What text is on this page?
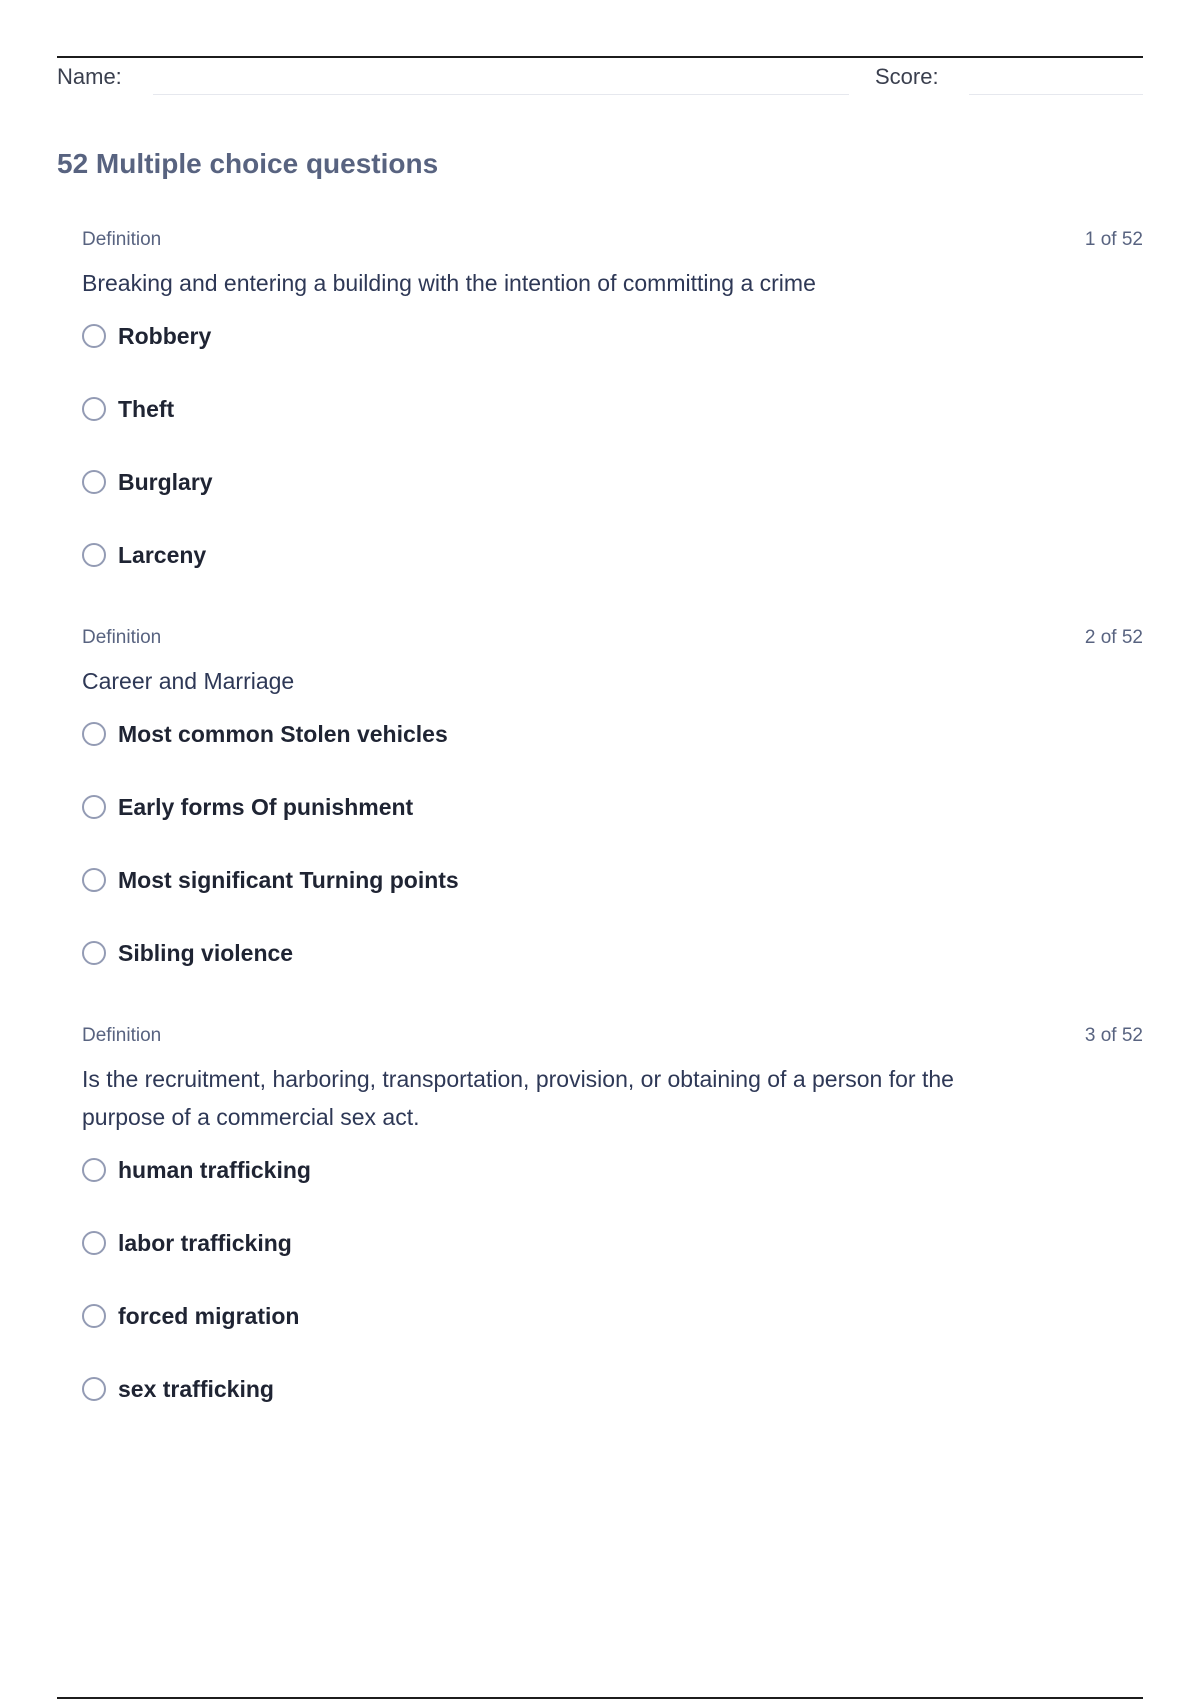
Name:	Score:
52 Multiple choice questions
Definition	1 of 52

Breaking and entering a building with the intention of committing a crime

Robbery
Theft
Burglary
Larceny
Definition	2 of 52

Career and Marriage

Most common Stolen vehicles
Early forms Of punishment
Most significant Turning points
Sibling violence
Definition	3 of 52

Is the recruitment, harboring, transportation, provision, or obtaining of a person for the purpose of a commercial sex act.

human trafficking
labor trafficking
forced migration
sex trafficking
